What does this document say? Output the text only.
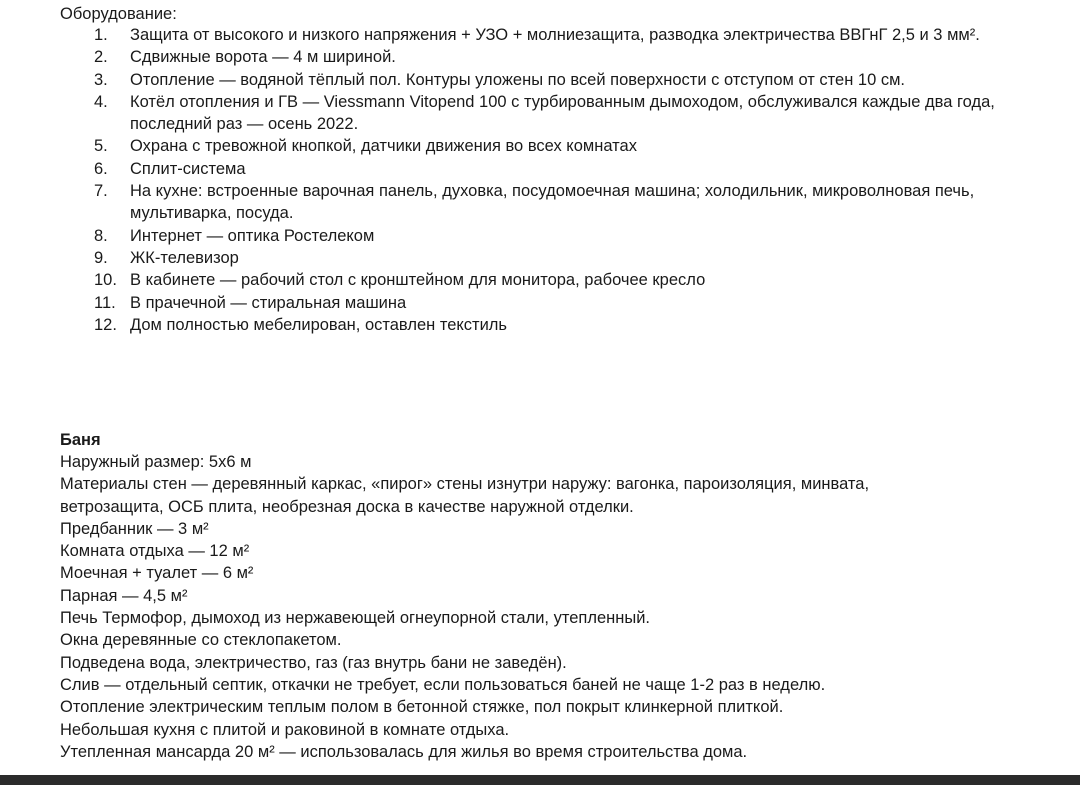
Оборудование:
1.	Защита от высокого и низкого напряжения + УЗО + молниезащита, разводка электричества ВВГнГ 2,5 и 3 мм².
2.	Сдвижные ворота — 4 м шириной.
3.	Отопление — водяной тёплый пол. Контуры уложены по всей поверхности с отступом от стен 10 см.
4.	Котёл отопления и ГВ — Viessmann Vitopend 100 с турбированным дымоходом, обслуживался каждые два года, последний раз — осень 2022.
5.	Охрана с тревожной кнопкой, датчики движения во всех комнатах
6.	Сплит-система
7.	На кухне: встроенные варочная панель, духовка, посудомоечная машина; холодильник, микроволновая печь, мультиварка, посуда.
8.	Интернет — оптика Ростелеком
9.	ЖК-телевизор
10. В кабинете — рабочий стол с кронштейном для монитора, рабочее кресло
11. В прачечной — стиральная машина
12. Дом полностью мебелирован, оставлен текстиль
Баня
Наружный размер: 5х6 м
Материалы стен — деревянный каркас, «пирог» стены изнутри наружу: вагонка, пароизоляция, минвата, ветрозащита, ОСБ плита, необрезная доска в качестве наружной отделки.
Предбанник — 3 м²
Комната отдыха — 12 м²
Моечная + туалет — 6 м²
Парная — 4,5 м²
Печь Термофор, дымоход из нержавеющей огнеупорной стали, утепленный.
Окна деревянные со стеклопакетом.
Подведена вода, электричество, газ (газ внутрь бани не заведён).
Слив — отдельный септик, откачки не требует, если пользоваться баней не чаще 1-2 раз в неделю.
Отопление электрическим теплым полом в бетонной стяжке, пол покрыт клинкерной плиткой.
Небольшая кухня с плитой и раковиной в комнате отдыха.
Утепленная мансарда 20 м² — использовалась для жилья во время строительства дома.
